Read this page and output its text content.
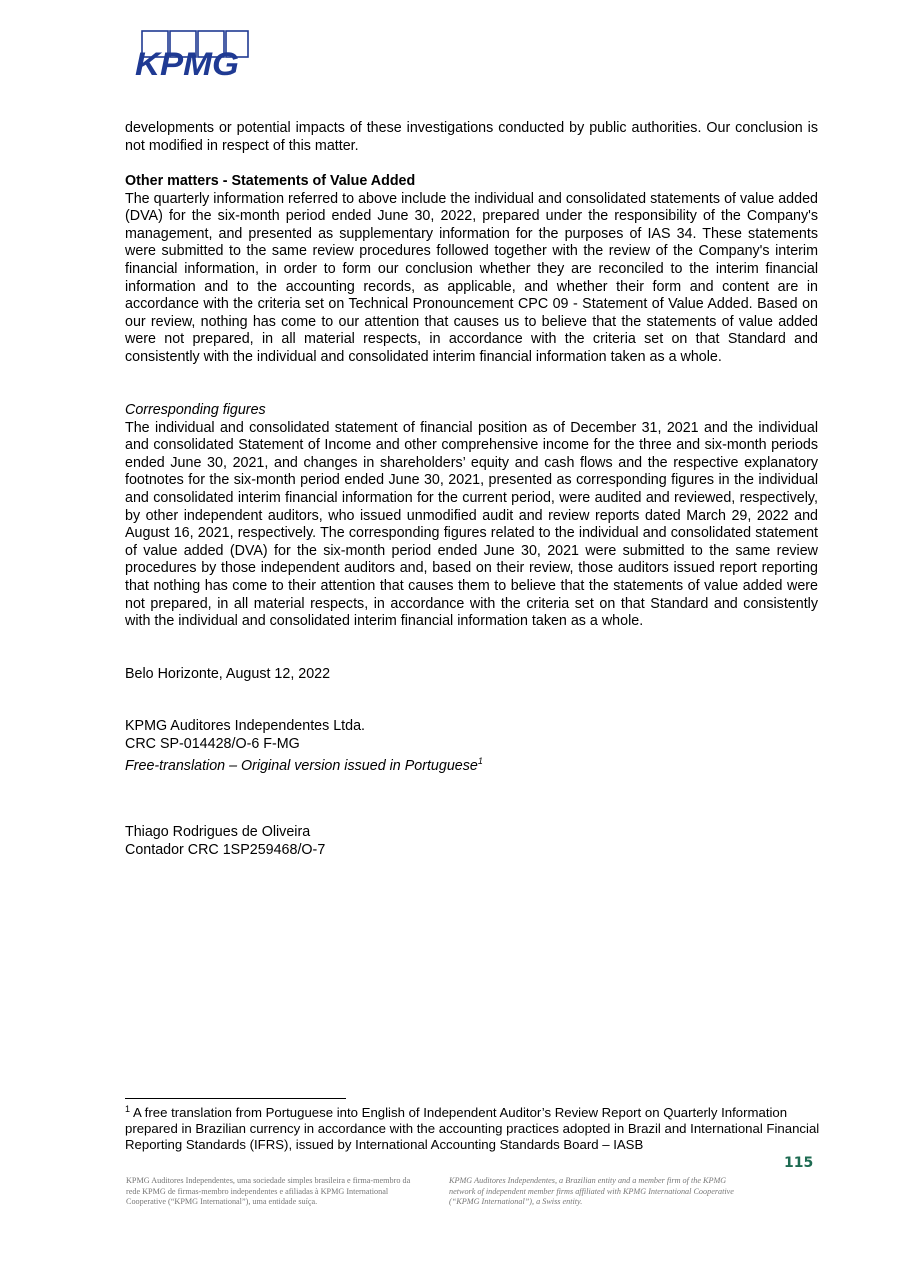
KPMG

developments or potential impacts of these investigations conducted by public authorities. Our conclusion is not modified in respect of this matter.

Other matters - Statements of Value Added

The quarterly information referred to above include the individual and consolidated statements of value added (DVA) for the six-month period ended June 30, 2022, prepared under the responsibility of the Company's management, and presented as supplementary information for the purposes of IAS 34. These statements were submitted to the same review procedures followed together with the review of the Company's interim financial information, in order to form our conclusion whether they are reconciled to the interim financial information and to the accounting records, as applicable, and whether their form and content are in accordance with the criteria set on Technical Pronouncement CPC 09 - Statement of Value Added. Based on our review, nothing has come to our attention that causes us to believe that the statements of value added were not prepared, in all material respects, in accordance with the criteria set on that Standard and consistently with the individual and consolidated interim financial information taken as a whole.

Corresponding figures

The individual and consolidated statement of financial position as of December 31, 2021 and the individual and consolidated Statement of Income and other comprehensive income for the three and six-month periods ended June 30, 2021, and changes in shareholders’ equity and cash flows and the respective explanatory footnotes for the six-month period ended June 30, 2021, presented as corresponding figures in the individual and consolidated interim financial information for the current period, were audited and reviewed, respectively, by other independent auditors, who issued unmodified audit and review reports dated March 29, 2022 and August 16, 2021, respectively. The corresponding figures related to the individual and consolidated statement of value added (DVA) for the six-month period ended June 30, 2021 were submitted to the same review procedures by those independent auditors and, based on their review, those auditors issued report reporting that nothing has come to their attention that causes them to believe that the statements of value added were not prepared, in all material respects, in accordance with the criteria set on that Standard and consistently with the individual and consolidated interim financial information taken as a whole.

Belo Horizonte, August 12, 2022

KPMG Auditores Independentes Ltda.

CRC SP-014428/O-6 F-MG

Free-translation – Original version issued in Portuguese$^1$

Thiago Rodrigues de Oliveira

Contador CRC 1SP259468/O-7

$^1$ A free translation from Portuguese into English of Independent Auditor’s Review Report on Quarterly Information prepared in Brazilian currency in accordance with the accounting practices adopted in Brazil and International Financial Reporting Standards (IFRS), issued by International Accounting Standards Board – IASB

115

KPMG Auditores Independentes, uma sociedade simples brasileira e firma-membro da rede KPMG de firmas-membro independentes e afiliadas à KPMG International Cooperative (“KPMG International”), uma entidade suíça.

KPMG Auditores Independentes, a Brazilian entity and a member firm of the KPMG network of independent member firms affiliated with KPMG International Cooperative (“KPMG International”), a Swiss entity.
